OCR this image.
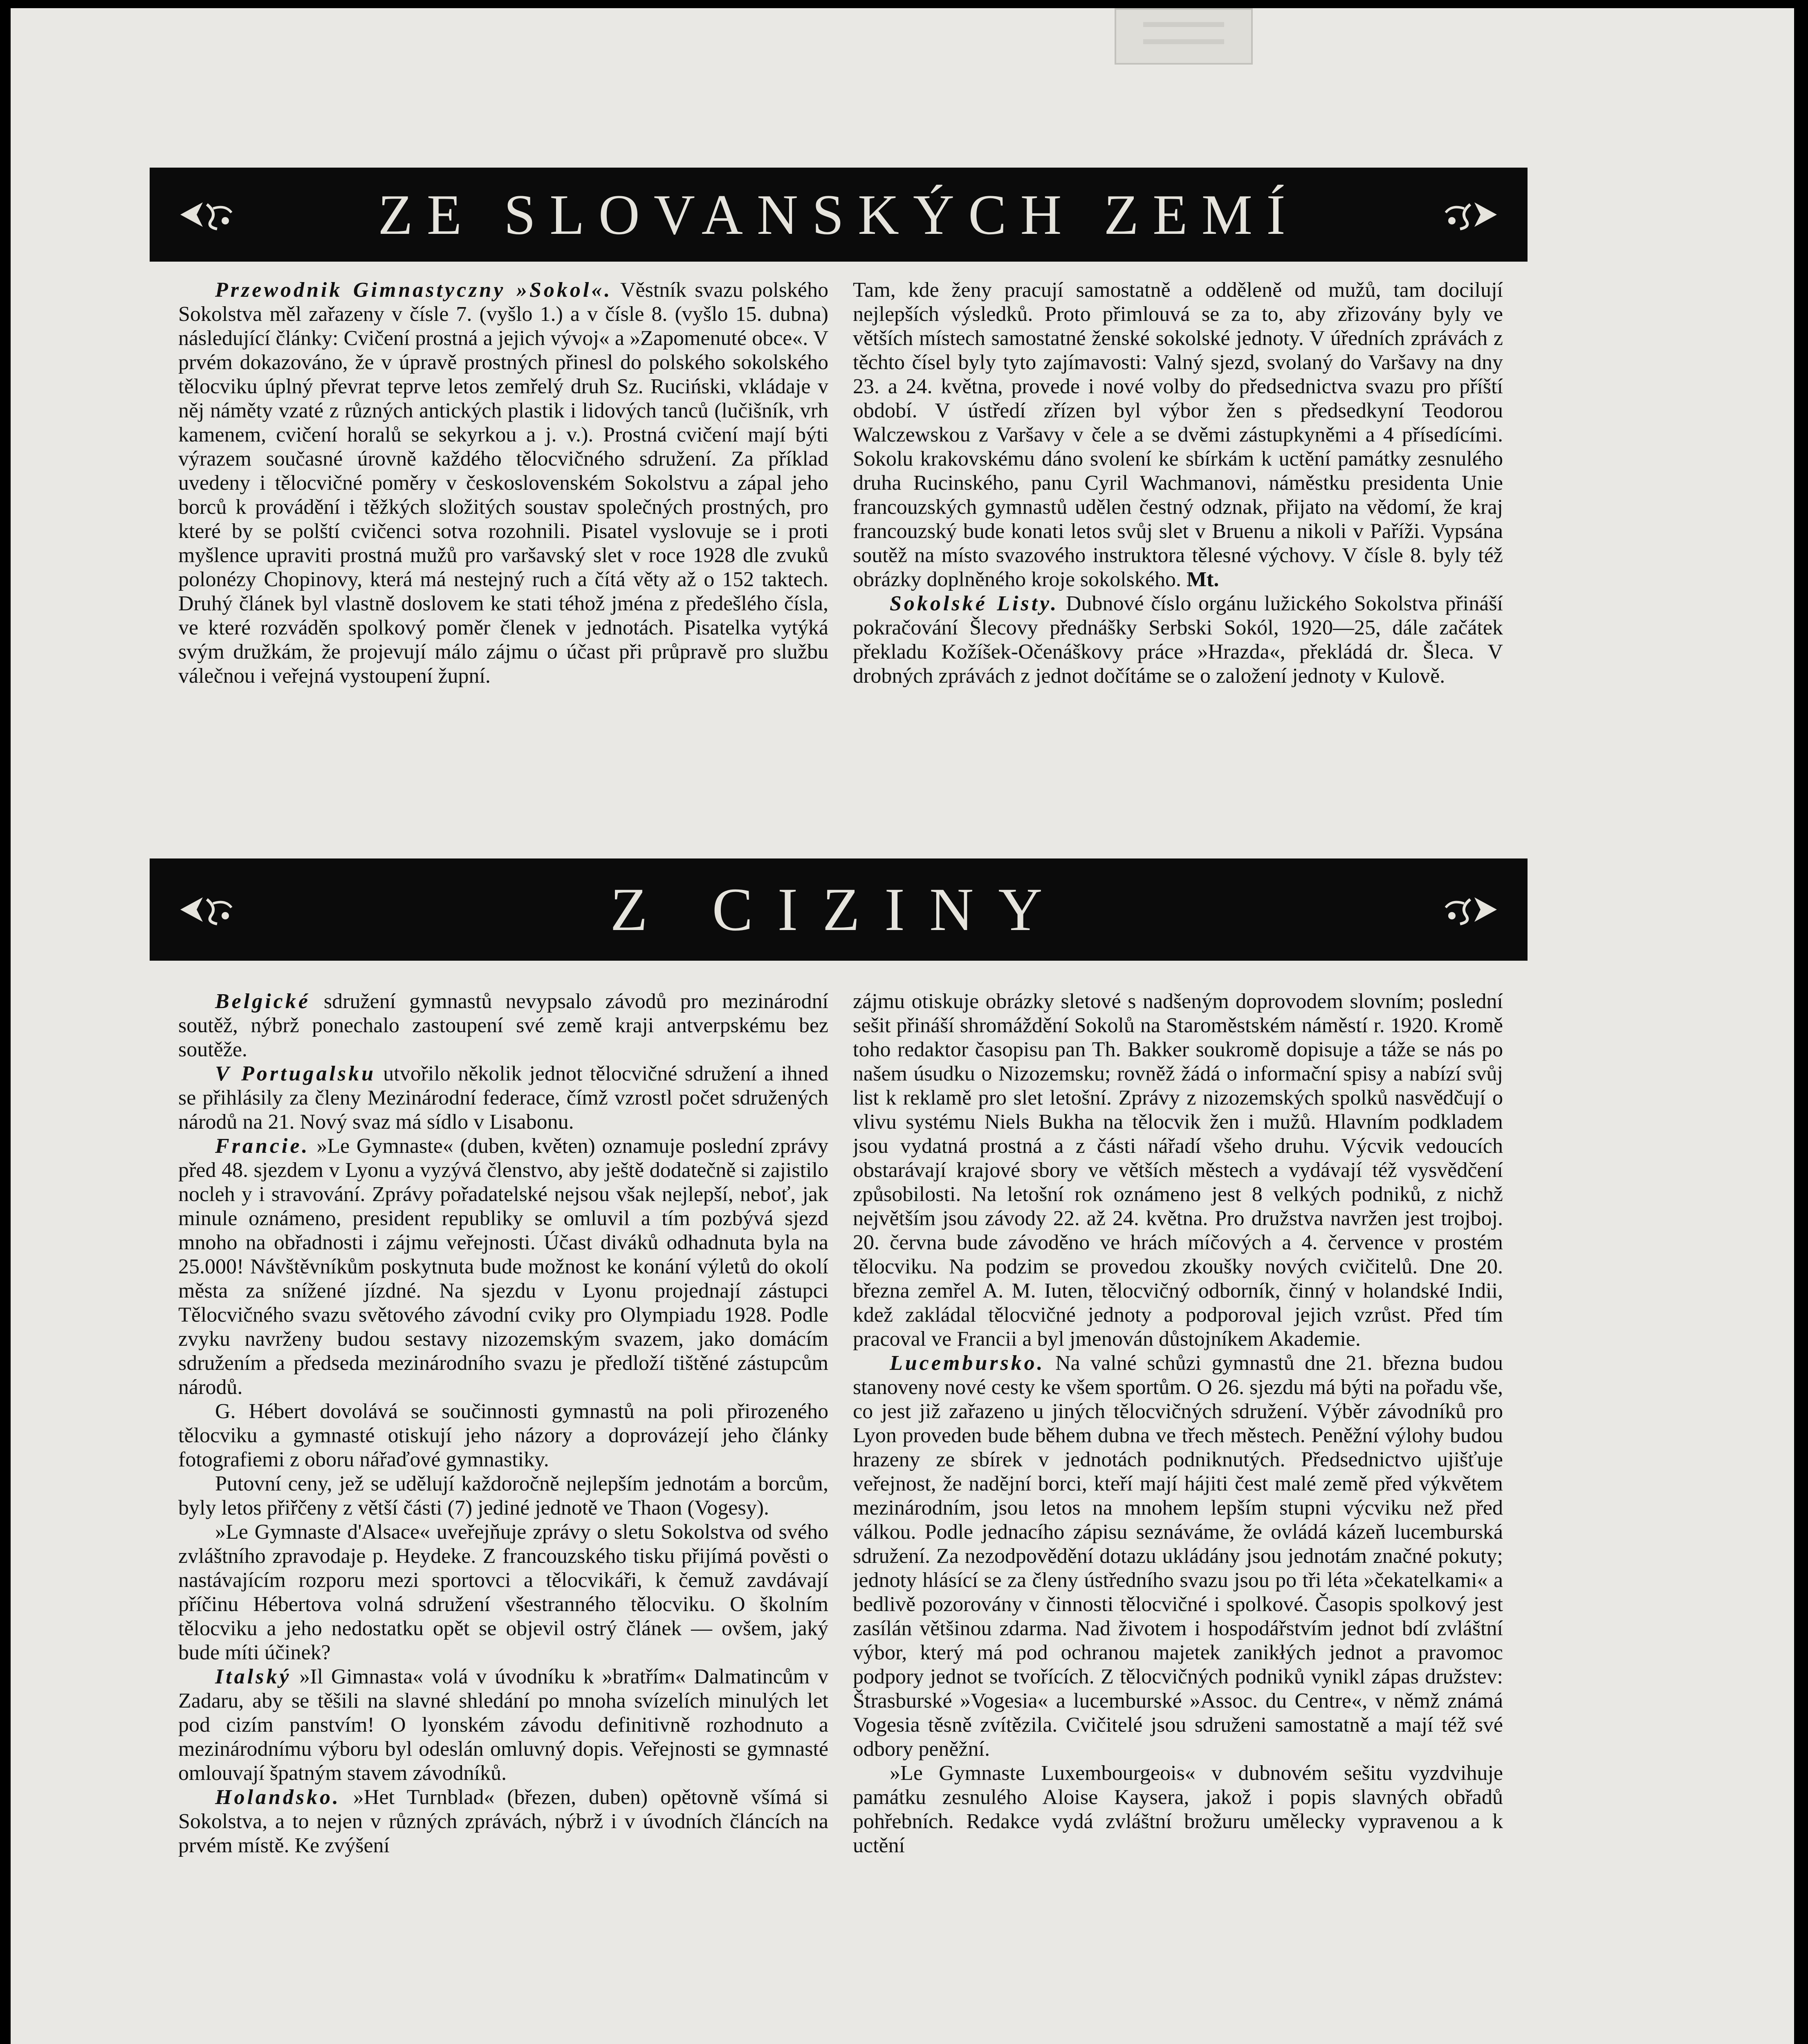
ZE SLOVANSKÝCH ZEMÍ

Przewodnik Gimnastyczny »Sokol«. Věstník svazu polského Sokolstva měl zařazeny v čísle 7. (vyšlo 1.) a v čísle 8. (vyšlo 15. dubna) následující články: Cvičení prostná a jejich vývoj« a »Zapomenuté obce«. V prvém dokazováno, že v úpravě prostných přinesl do polského sokolského tělocviku úplný převrat teprve letos zemřelý druh Sz. Ruciński, vkládaje v něj náměty vzaté z různých antických plastik i lidových tanců (lučišník, vrh kamenem, cvičení horalů se sekyrkou a j. v.). Prostná cvičení mají býti výrazem současné úrovně každého tělocvičného sdružení. Za příklad uvedeny i tělocvičné poměry v československém Sokolstvu a zápal jeho borců k provádění i těžkých složitých soustav společných prostných, pro které by se polští cvičenci sotva rozohnili. Pisatel vyslovuje se i proti myšlence upraviti prostná mužů pro varšavský slet v roce 1928 dle zvuků polonézy Chopinovy, která má nestejný ruch a čítá věty až o 152 taktech. Druhý článek byl vlastně doslovem ke stati téhož jména z předešlého čísla, ve které rozváděn spolkový poměr členek v jednotách. Pisatelka vytýká svým družkám, že projevují málo zájmu o účast při průpravě pro službu válečnou i veřejná vystoupení župní.

Tam, kde ženy pracují samostatně a odděleně od mužů, tam docilují nejlepších výsledků. Proto přimlouvá se za to, aby zřizovány byly ve větších místech samostatné ženské sokolské jednoty. V úředních zprávách z těchto čísel byly tyto zajímavosti: Valný sjezd, svolaný do Varšavy na dny 23. a 24. května, provede i nové volby do předsednictva svazu pro příští období. V ústředí zřízen byl výbor žen s předsedkyní Teodorou Walczewskou z Varšavy v čele a se dvěmi zástupkyněmi a 4 přísedícími. Sokolu krakovskému dáno svolení ke sbírkám k uctění památky zesnulého druha Rucinského, panu Cyril Wachmanovi, náměstku presidenta Unie francouzských gymnastů udělen čestný odznak, přijato na vědomí, že kraj francouzský bude konati letos svůj slet v Bruenu a nikoli v Paříži. Vypsána soutěž na místo svazového instruktora tělesné výchovy. V čísle 8. byly též obrázky doplněného kroje sokolského. Mt.

Sokolské Listy. Dubnové číslo orgánu lužického Sokolstva přináší pokračování Šlecovy přednášky Serbski Sokól, 1920—25, dále začátek překladu Kožíšek-Očenáškovy práce »Hrazda«, překládá dr. Šleca. V drobných zprávách z jednot dočítáme se o založení jednoty v Kulově.

Z CIZINY

Belgické sdružení gymnastů nevypsalo závodů pro mezinárodní soutěž, nýbrž ponechalo zastoupení své země kraji antverpskému bez soutěže.

V Portugalsku utvořilo několik jednot tělocvičné sdružení a ihned se přihlásily za členy Mezinárodní federace, čímž vzrostl počet sdružených národů na 21. Nový svaz má sídlo v Lisabonu.

Francie. »Le Gymnaste« (duben, květen) oznamuje poslední zprávy před 48. sjezdem v Lyonu a vyzývá členstvo, aby ještě dodatečně si zajistilo nocleh y i stravování. Zprávy pořadatelské nejsou však nejlepší, neboť, jak minule oznámeno, president republiky se omluvil a tím pozbývá sjezd mnoho na obřadnosti i zájmu veřejnosti. Účast diváků odhadnuta byla na 25.000! Návštěvníkům poskytnuta bude možnost ke konání výletů do okolí města za snížené jízdné. Na sjezdu v Lyonu projednají zástupci Tělocvičného svazu světového závodní cviky pro Olympiadu 1928. Podle zvyku navrženy budou sestavy nizozemským svazem, jako domácím sdružením a předseda mezinárodního svazu je předloží tištěné zástupcům národů.

G. Hébert dovolává se součinnosti gymnastů na poli přirozeného tělocviku a gymnasté otiskují jeho názory a doprovázejí jeho články fotografiemi z oboru nářaďové gymnastiky.

Putovní ceny, jež se udělují každoročně nejlepším jednotám a borcům, byly letos přiřčeny z větší části (7) jediné jednotě ve Thaon (Vogesy).

»Le Gymnaste d'Alsace« uveřejňuje zprávy o sletu Sokolstva od svého zvláštního zpravodaje p. Heydeke. Z francouzského tisku přijímá pověsti o nastávajícím rozporu mezi sportovci a tělocvikáři, k čemuž zavdávají příčinu Hébertova volná sdružení všestranného tělocviku. O školním tělocviku a jeho nedostatku opět se objevil ostrý článek — ovšem, jaký bude míti účinek?

Italský »Il Gimnasta« volá v úvodníku k »bratřím« Dalmatincům v Zadaru, aby se těšili na slavné shledání po mnoha svízelích minulých let pod cizím panstvím! O lyonském závodu definitivně rozhodnuto a mezinárodnímu výboru byl odeslán omluvný dopis. Veřejnosti se gymnasté omlouvají špatným stavem závodníků.

Holandsko. »Het Turnblad« (březen, duben) opětovně všímá si Sokolstva, a to nejen v různých zprávách, nýbrž i v úvodních článcích na prvém místě. Ke zvýšení

zájmu otiskuje obrázky sletové s nadšeným doprovodem slovním; poslední sešit přináší shromáždění Sokolů na Staroměstském náměstí r. 1920. Kromě toho redaktor časopisu pan Th. Bakker soukromě dopisuje a táže se nás po našem úsudku o Nizozemsku; rovněž žádá o informační spisy a nabízí svůj list k reklamě pro slet letošní. Zprávy z nizozemských spolků nasvědčují o vlivu systému Niels Bukha na tělocvik žen i mužů. Hlavním podkladem jsou vydatná prostná a z části nářadí všeho druhu. Výcvik vedoucích obstarávají krajové sbory ve větších městech a vydávají též vysvědčení způsobilosti. Na letošní rok oznámeno jest 8 velkých podniků, z nichž největším jsou závody 22. až 24. května. Pro družstva navržen jest trojboj. 20. června bude závoděno ve hrách míčových a 4. července v prostém tělocviku. Na podzim se provedou zkoušky nových cvičitelů. Dne 20. března zemřel A. M. Iuten, tělocvičný odborník, činný v holandské Indii, kdež zakládal tělocvičné jednoty a podporoval jejich vzrůst. Před tím pracoval ve Francii a byl jmenován důstojníkem Akademie.

Lucembursko. Na valné schůzi gymnastů dne 21. března budou stanoveny nové cesty ke všem sportům. O 26. sjezdu má býti na pořadu vše, co jest již zařazeno u jiných tělocvičných sdružení. Výběr závodníků pro Lyon proveden bude během dubna ve třech městech. Peněžní výlohy budou hrazeny ze sbírek v jednotách podniknutých. Předsednictvo ujišťuje veřejnost, že nadějní borci, kteří mají hájiti čest malé země před výkvětem mezinárodním, jsou letos na mnohem lepším stupni výcviku než před válkou. Podle jednacího zápisu seznáváme, že ovládá kázeň lucemburská sdružení. Za nezodpovědění dotazu ukládány jsou jednotám značné pokuty; jednoty hlásící se za členy ústředního svazu jsou po tři léta »čekatelkami« a bedlivě pozorovány v činnosti tělocvičné i spolkové. Časopis spolkový jest zasílán většinou zdarma. Nad životem i hospodářstvím jednot bdí zvláštní výbor, který má pod ochranou majetek zanikłých jednot a pravomoc podpory jednot se tvořících. Z tělocvičných podniků vynikl zápas družstev: Štrasburské »Vogesia« a lucemburské »Assoc. du Centre«, v němž známá Vogesia těsně zvítězila. Cvičitelé jsou sdruženi samostatně a mají též své odbory peněžní.

»Le Gymnaste Luxembourgeois« v dubnovém sešitu vyzdvihuje památku zesnulého Aloise Kaysera, jakož i popis slavných obřadů pohřebních. Redakce vydá zvláštní brožuru umělecky vypravenou a k uctění
